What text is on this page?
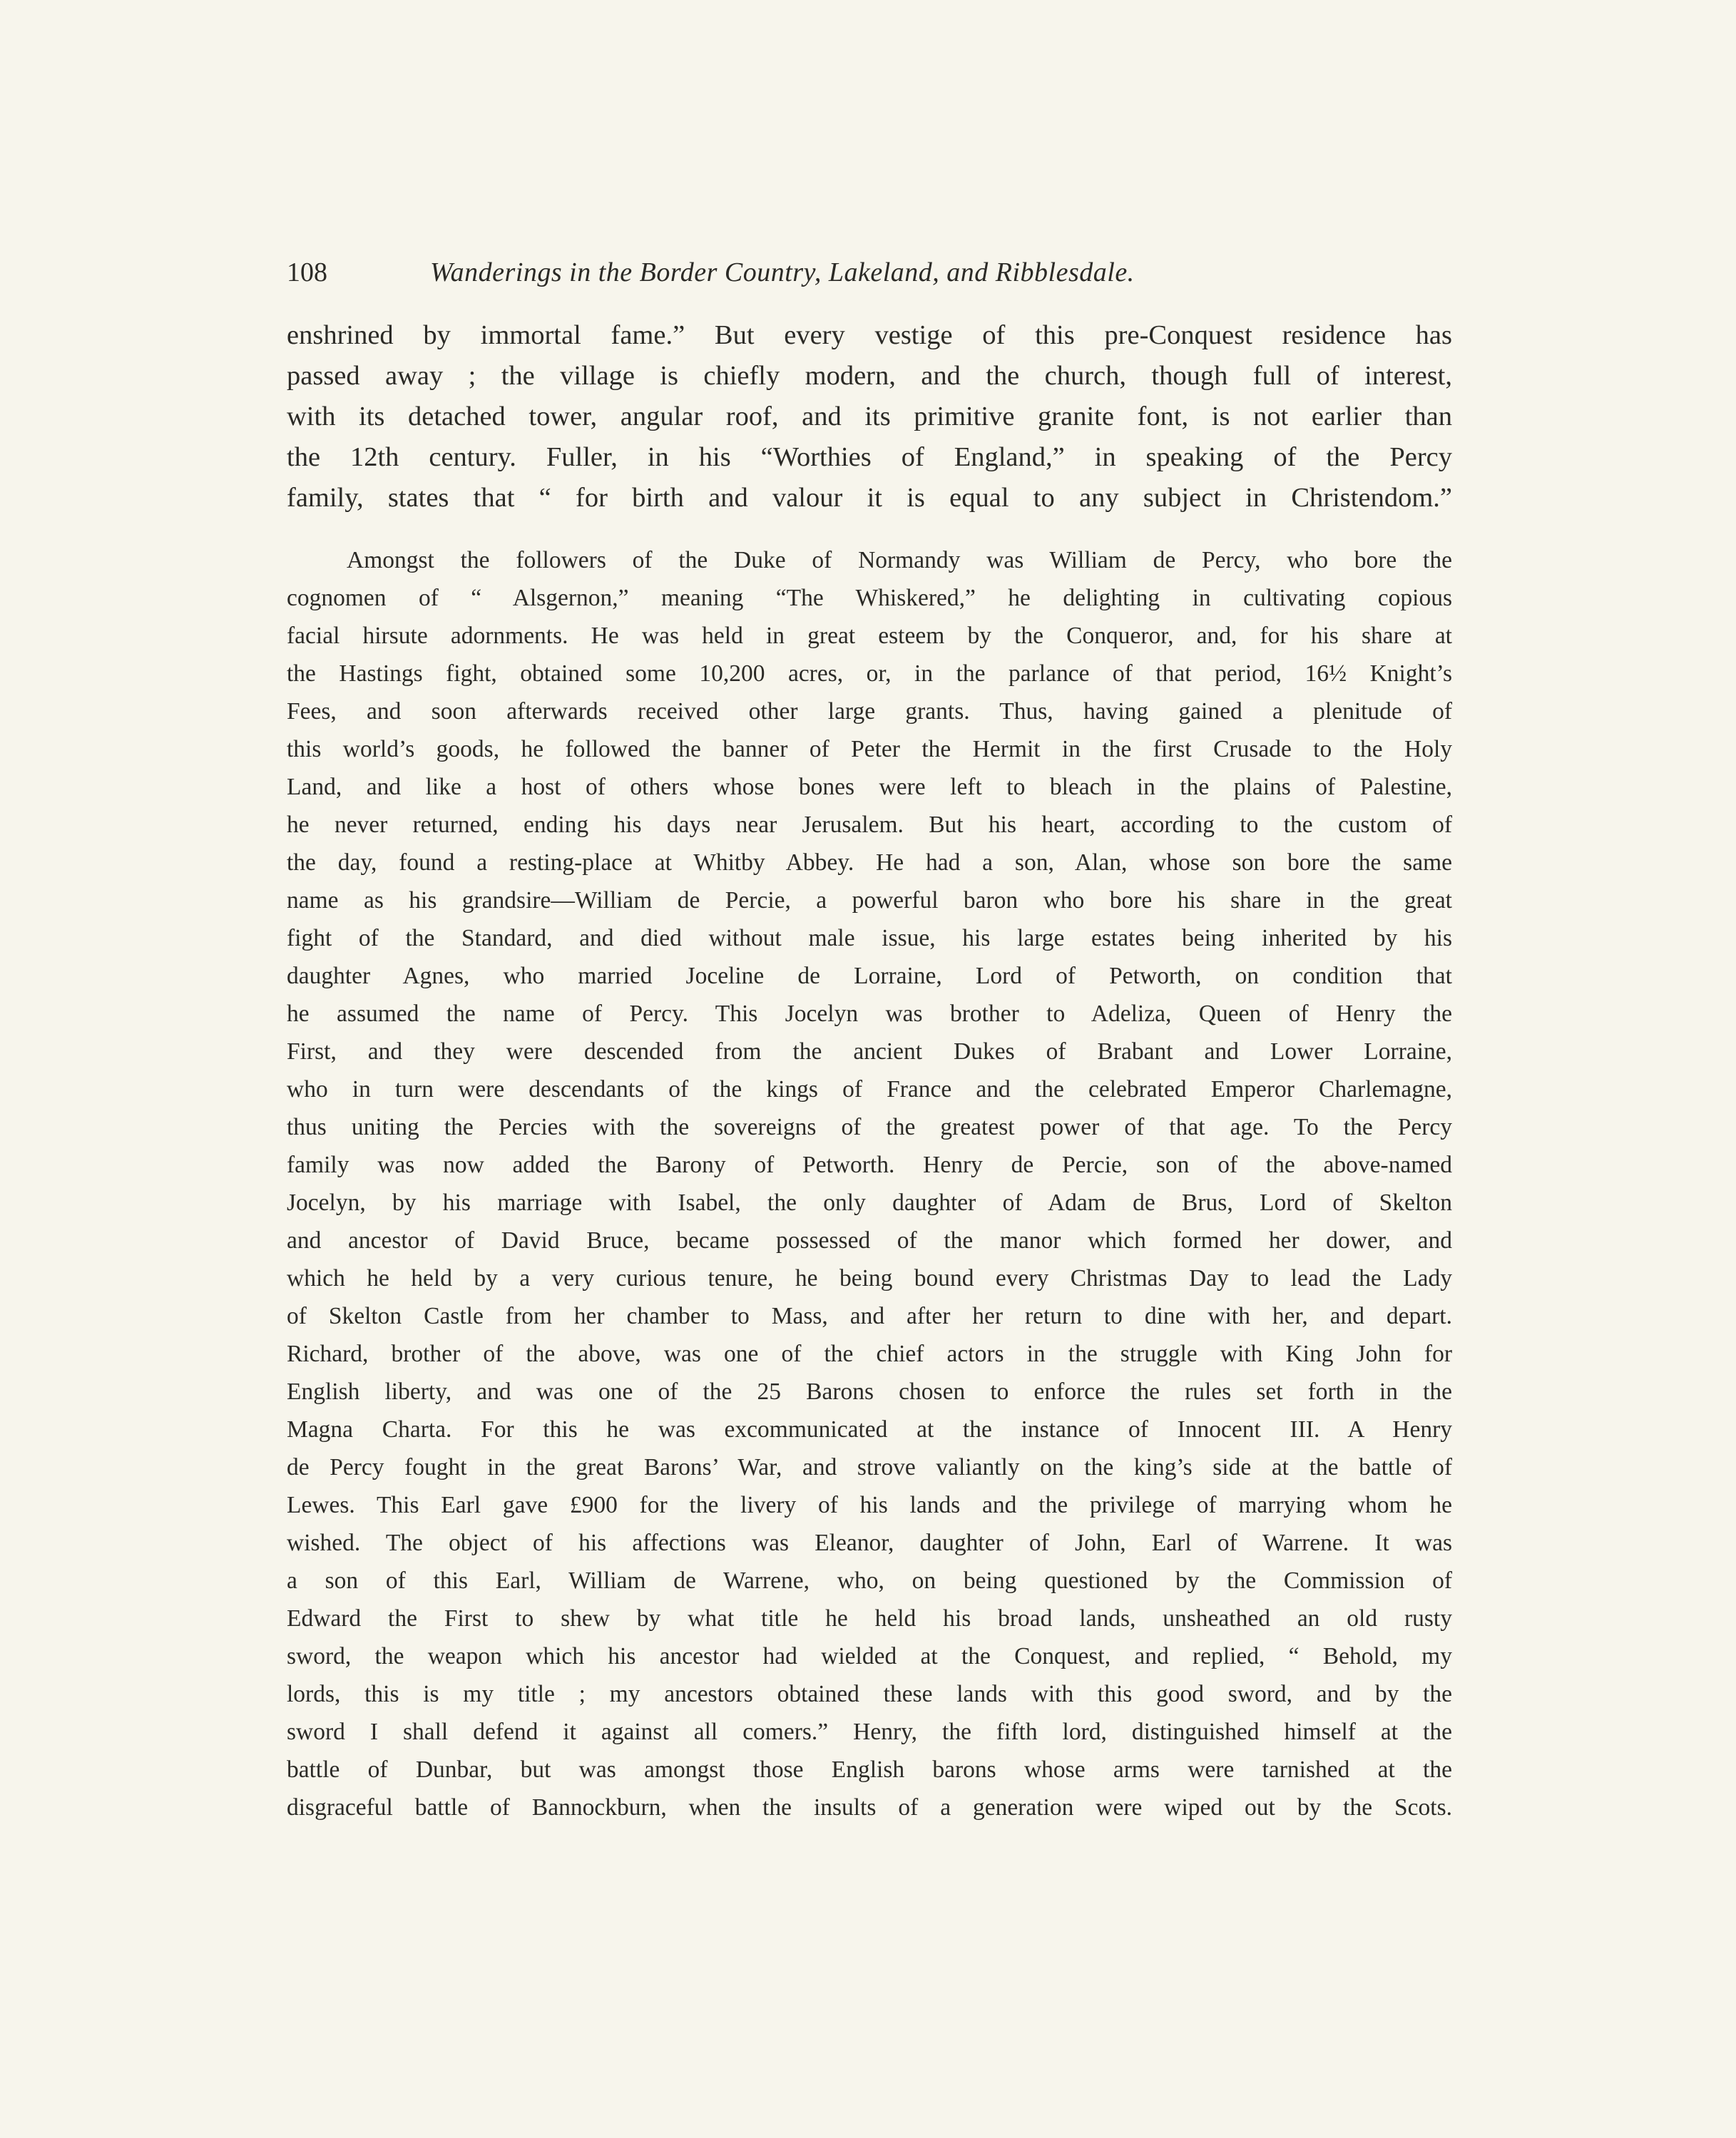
108	Wanderings in the Border Country, Lakeland, and Ribblesdale.
enshrined by immortal fame.” But every vestige of this pre-Conquest residence has
passed away ; the village is chiefly modern, and the church, though full of interest,
with its detached tower, angular roof, and its primitive granite font, is not earlier than
the 12th century. Fuller, in his “Worthies of England,” in speaking of the Percy
family, states that “ for birth and valour it is equal to any subject in Christendom.”
Amongst the followers of the Duke of Normandy was William de Percy, who bore the
cognomen of “ Alsgernon,” meaning “The Whiskered,” he delighting in cultivating copious
facial hirsute adornments. He was held in great esteem by the Conqueror, and, for his share at
the Hastings fight, obtained some 10,200 acres, or, in the parlance of that period, 16½ Knight’s
Fees, and soon afterwards received other large grants. Thus, having gained a plenitude of
this world’s goods, he followed the banner of Peter the Hermit in the first Crusade to the Holy
Land, and like a host of others whose bones were left to bleach in the plains of Palestine,
he never returned, ending his days near Jerusalem. But his heart, according to the custom of
the day, found a resting-place at Whitby Abbey. He had a son, Alan, whose son bore the same
name as his grandsire—William de Percie, a powerful baron who bore his share in the great
fight of the Standard, and died without male issue, his large estates being inherited by his
daughter Agnes, who married Joceline de Lorraine, Lord of Petworth, on condition that
he assumed the name of Percy. This Jocelyn was brother to Adeliza, Queen of Henry the
First, and they were descended from the ancient Dukes of Brabant and Lower Lorraine,
who in turn were descendants of the kings of France and the celebrated Emperor Charlemagne,
thus uniting the Percies with the sovereigns of the greatest power of that age. To the Percy
family was now added the Barony of Petworth. Henry de Percie, son of the above-named
Jocelyn, by his marriage with Isabel, the only daughter of Adam de Brus, Lord of Skelton
and ancestor of David Bruce, became possessed of the manor which formed her dower, and
which he held by a very curious tenure, he being bound every Christmas Day to lead the Lady
of Skelton Castle from her chamber to Mass, and after her return to dine with her, and depart.
Richard, brother of the above, was one of the chief actors in the struggle with King John for
English liberty, and was one of the 25 Barons chosen to enforce the rules set forth in the
Magna Charta. For this he was excommunicated at the instance of Innocent III. A Henry
de Percy fought in the great Barons’ War, and strove valiantly on the king’s side at the battle of
Lewes. This Earl gave £900 for the livery of his lands and the privilege of marrying whom he
wished. The object of his affections was Eleanor, daughter of John, Earl of Warrene. It was
a son of this Earl, William de Warrene, who, on being questioned by the Commission of
Edward the First to shew by what title he held his broad lands, unsheathed an old rusty
sword, the weapon which his ancestor had wielded at the Conquest, and replied, “ Behold, my
lords, this is my title ; my ancestors obtained these lands with this good sword, and by the
sword I shall defend it against all comers.” Henry, the fifth lord, distinguished himself at the
battle of Dunbar, but was amongst those English barons whose arms were tarnished at the
disgraceful battle of Bannockburn, when the insults of a generation were wiped out by the Scots.
